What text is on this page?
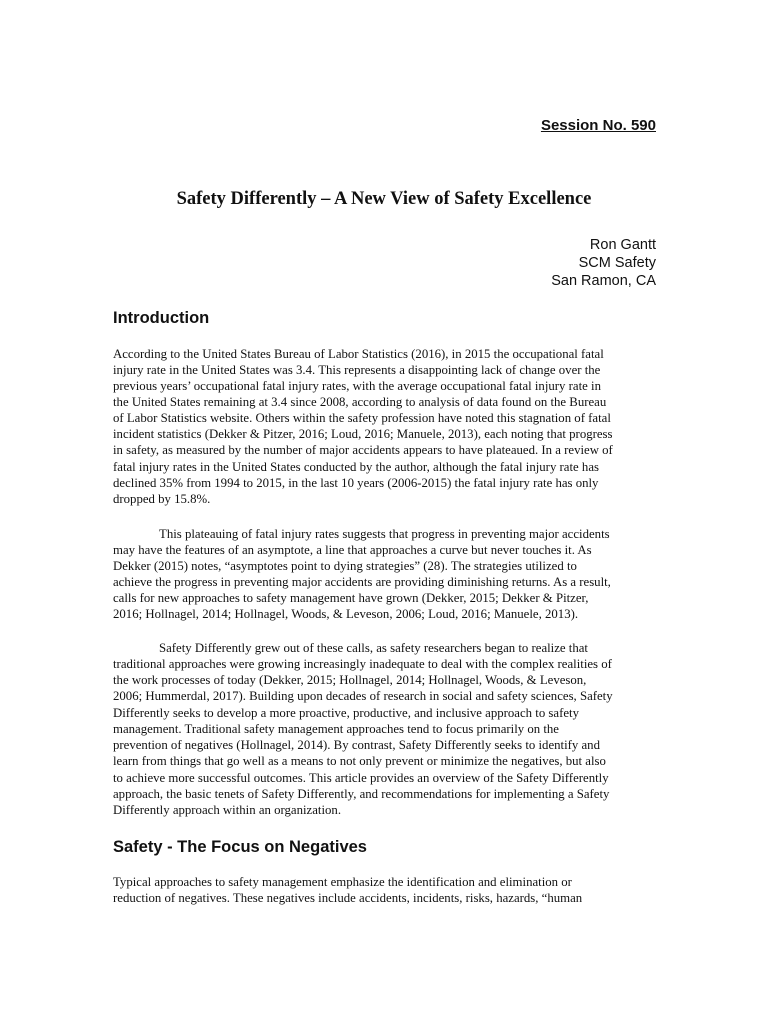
Session No. 590
Safety Differently – A New View of Safety Excellence
Ron Gantt
SCM Safety
San Ramon, CA
Introduction
According to the United States Bureau of Labor Statistics (2016), in 2015 the occupational fatal
injury rate in the United States was 3.4. This represents a disappointing lack of change over the
previous years’ occupational fatal injury rates, with the average occupational fatal injury rate in
the United States remaining at 3.4 since 2008, according to analysis of data found on the Bureau
of Labor Statistics website. Others within the safety profession have noted this stagnation of fatal
incident statistics (Dekker & Pitzer, 2016; Loud, 2016; Manuele, 2013), each noting that progress
in safety, as measured by the number of major accidents appears to have plateaued. In a review of
fatal injury rates in the United States conducted by the author, although the fatal injury rate has
declined 35% from 1994 to 2015, in the last 10 years (2006-2015) the fatal injury rate has only
dropped by 15.8%.
This plateauing of fatal injury rates suggests that progress in preventing major accidents
may have the features of an asymptote, a line that approaches a curve but never touches it. As
Dekker (2015) notes, “asymptotes point to dying strategies” (28). The strategies utilized to
achieve the progress in preventing major accidents are providing diminishing returns. As a result,
calls for new approaches to safety management have grown (Dekker, 2015; Dekker & Pitzer,
2016; Hollnagel, 2014; Hollnagel, Woods, & Leveson, 2006; Loud, 2016; Manuele, 2013).
Safety Differently grew out of these calls, as safety researchers began to realize that
traditional approaches were growing increasingly inadequate to deal with the complex realities of
the work processes of today (Dekker, 2015; Hollnagel, 2014; Hollnagel, Woods, & Leveson,
2006; Hummerdal, 2017). Building upon decades of research in social and safety sciences, Safety
Differently seeks to develop a more proactive, productive, and inclusive approach to safety
management. Traditional safety management approaches tend to focus primarily on the
prevention of negatives (Hollnagel, 2014). By contrast, Safety Differently seeks to identify and
learn from things that go well as a means to not only prevent or minimize the negatives, but also
to achieve more successful outcomes. This article provides an overview of the Safety Differently
approach, the basic tenets of Safety Differently, and recommendations for implementing a Safety
Differently approach within an organization.
Safety - The Focus on Negatives
Typical approaches to safety management emphasize the identification and elimination or
reduction of negatives. These negatives include accidents, incidents, risks, hazards, “human
